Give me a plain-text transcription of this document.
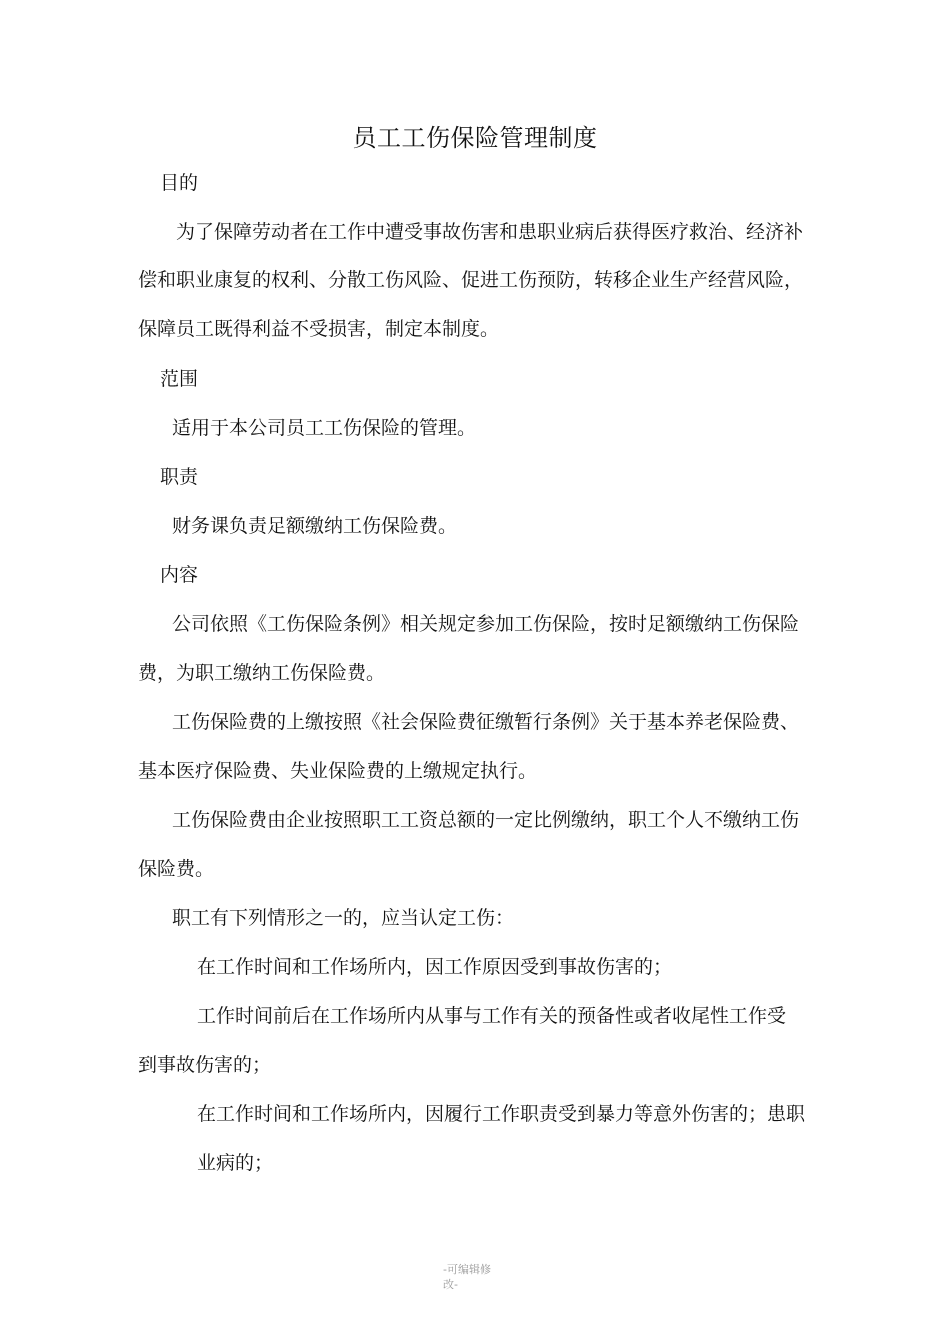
员工工伤保险管理制度
目的
为了保障劳动者在工作中遭受事故伤害和患职业病后获得医疗救治、经济补
偿和职业康复的权利、分散工伤风险、促进工伤预防，转移企业生产经营风险，
保障员工既得利益不受损害，制定本制度。
范围
适用于本公司员工工伤保险的管理。
职责
财务课负责足额缴纳工伤保险费。
内容
公司依照《工伤保险条例》相关规定参加工伤保险，按时足额缴纳工伤保险
费，为职工缴纳工伤保险费。
工伤保险费的上缴按照《社会保险费征缴暂行条例》关于基本养老保险费、
基本医疗保险费、失业保险费的上缴规定执行。
工伤保险费由企业按照职工工资总额的一定比例缴纳，职工个人不缴纳工伤
保险费。
职工有下列情形之一的，应当认定工伤：
在工作时间和工作场所内，因工作原因受到事故伤害的；
工作时间前后在工作场所内从事与工作有关的预备性或者收尾性工作受
到事故伤害的；
在工作时间和工作场所内，因履行工作职责受到暴力等意外伤害的；患职
业病的；
-可编辑修改-
